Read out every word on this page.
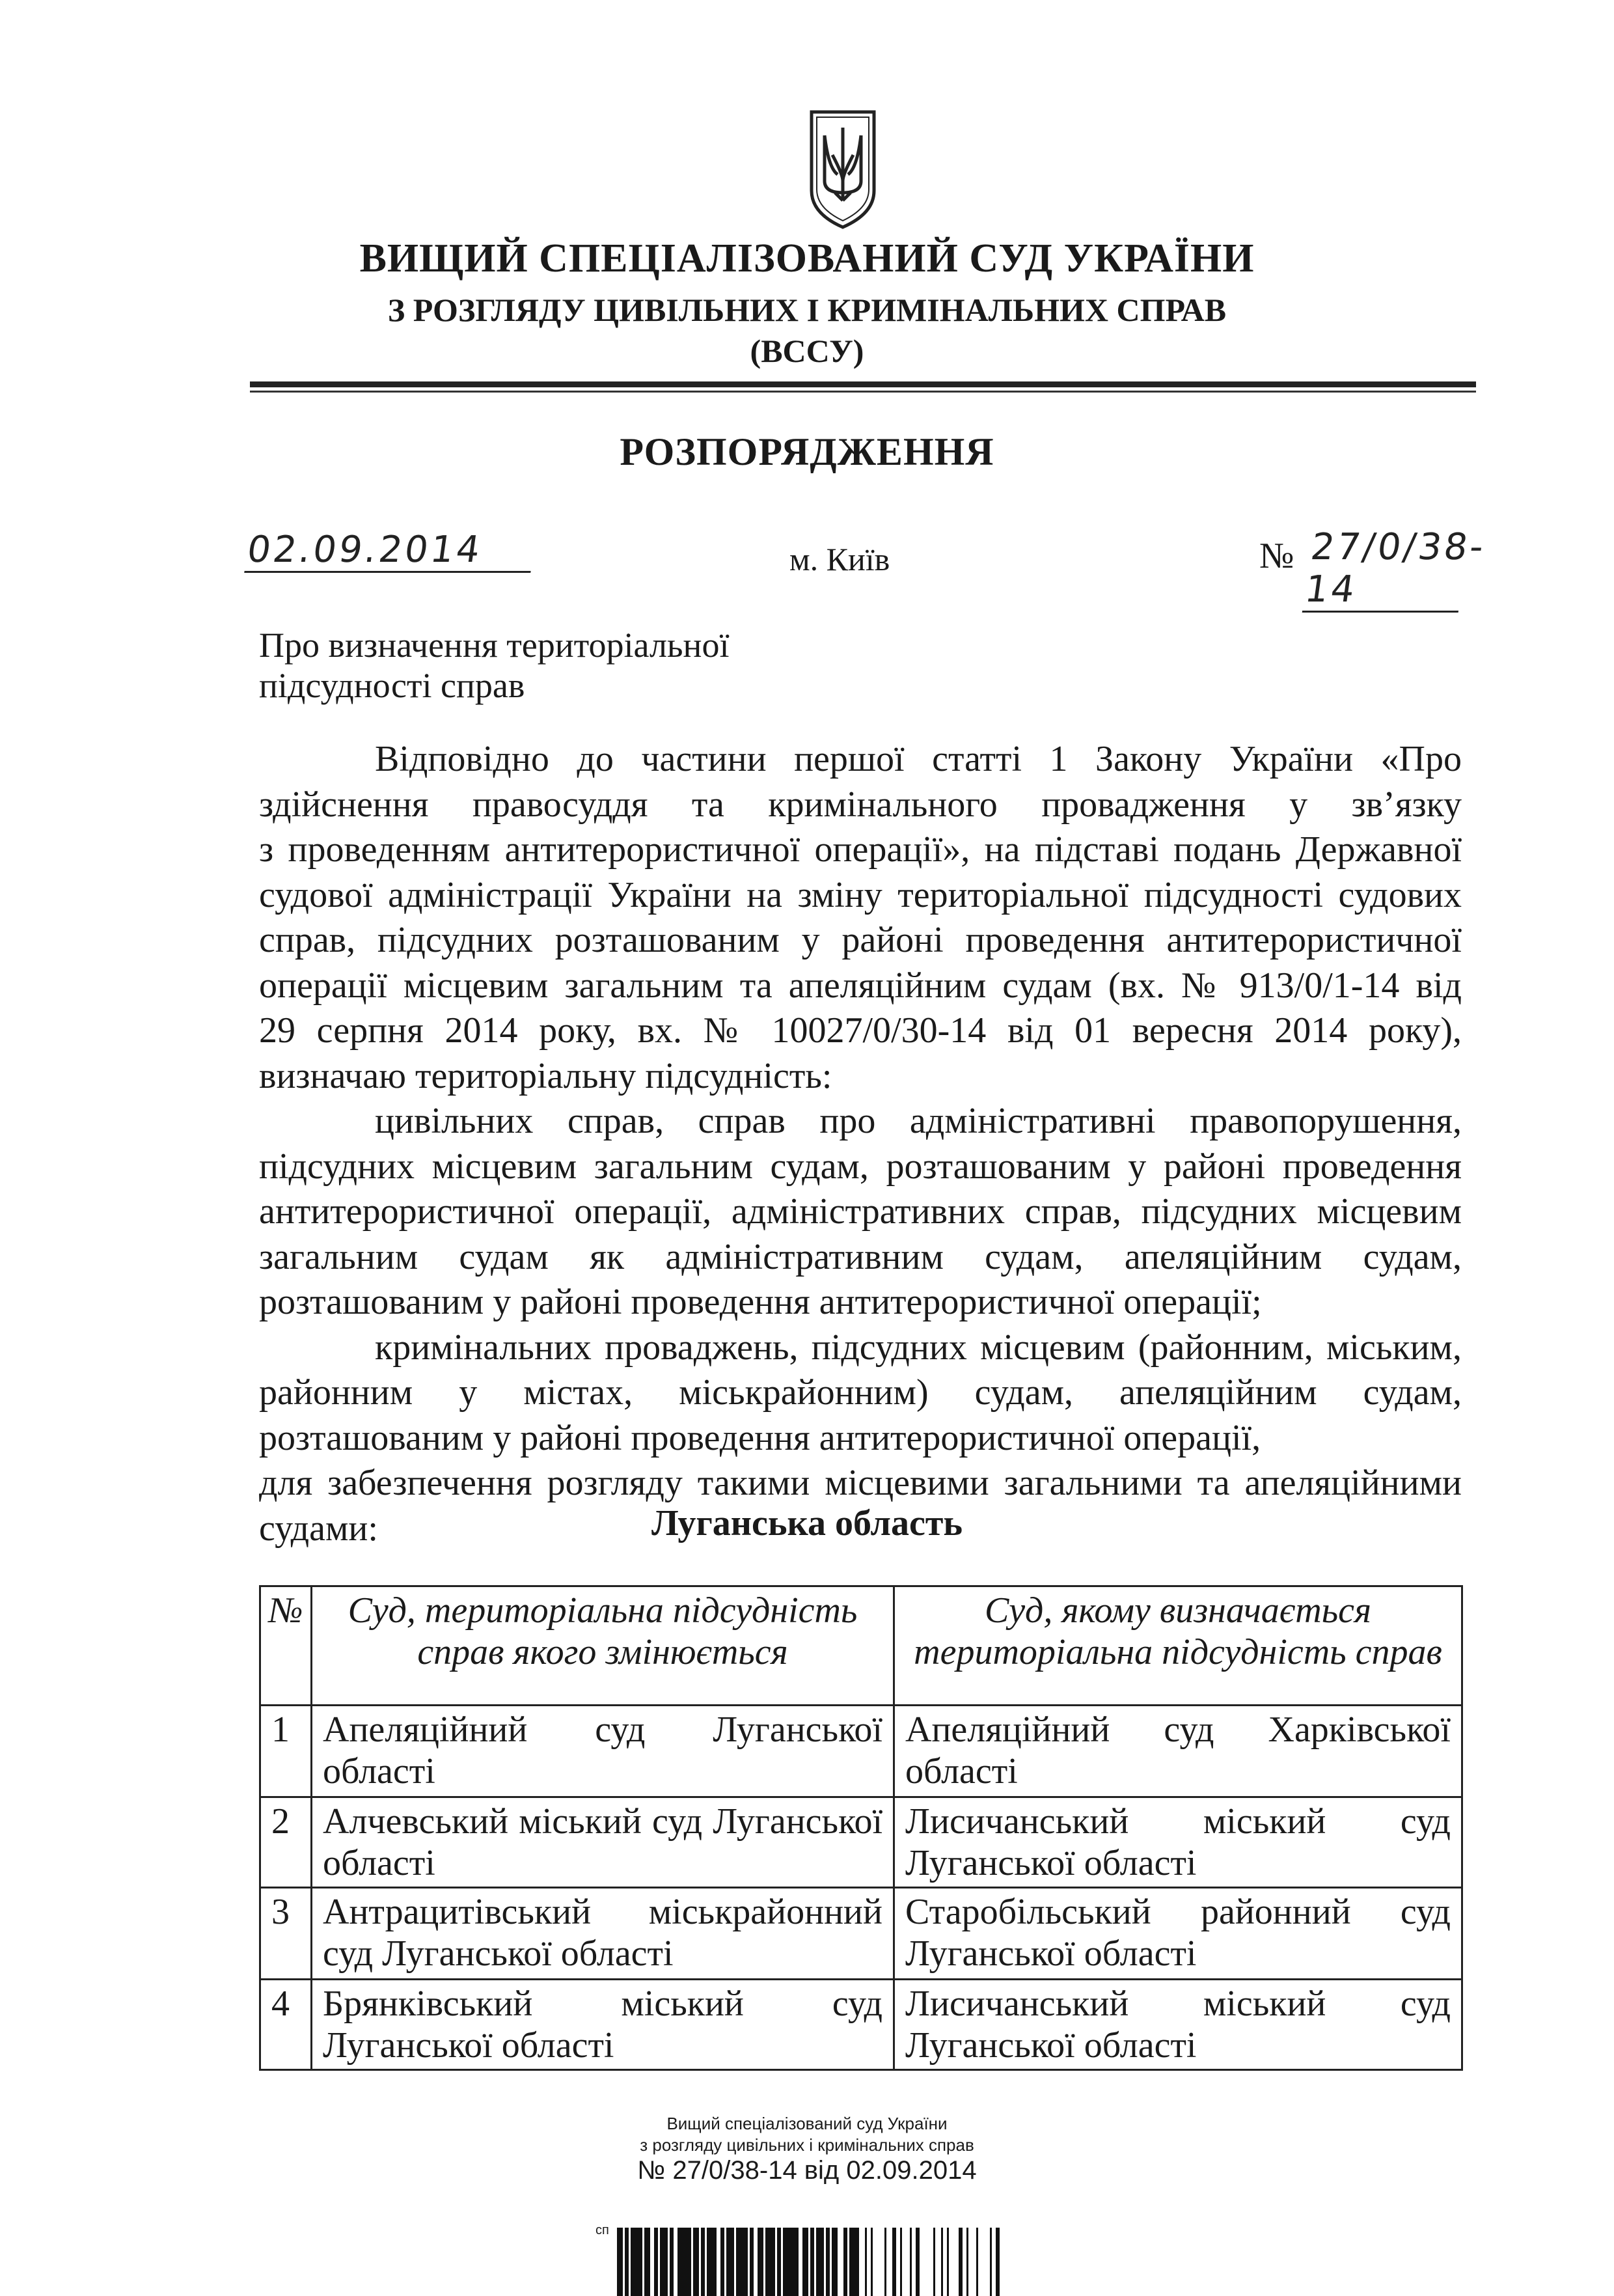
ВИЩИЙ СПЕЦІАЛІЗОВАНИЙ СУД УКРАЇНИ
З РОЗГЛЯДУ ЦИВІЛЬНИХ І КРИМІНАЛЬНИХ СПРАВ
(ВССУ)
РОЗПОРЯДЖЕННЯ
02.09.2014	м. Київ	№ 27/0/38-14
Про визначення територіальної
підсудності справ
Відповідно до частини першої статті 1 Закону України «Про
здійснення правосуддя та кримінального провадження у зв’язку
з проведенням антитерористичної операції», на підставі подань Державної
судової адміністрації України на зміну територіальної підсудності судових
справ, підсудних розташованим у районі проведення антитерористичної
операції місцевим загальним та апеляційним судам (вх. № 913/0/1-14 від
29 серпня 2014 року, вх. № 10027/0/30-14 від 01 вересня 2014 року),
визначаю територіальну підсудність:
цивільних справ, справ про адміністративні правопорушення,
підсудних місцевим загальним судам, розташованим у районі проведення
антитерористичної операції, адміністративних справ, підсудних місцевим
загальним судам як адміністративним судам, апеляційним судам,
розташованим у районі проведення антитерористичної операції;
кримінальних проваджень, підсудних місцевим (районним, міським,
районним у містах, міськрайонним) судам, апеляційним судам,
розташованим у районі проведення антитерористичної операції,
для забезпечення розгляду такими місцевими загальними та апеляційними
судами:	Луганська область
№	Суд, територіальна підсудність справ якого змінюється	Суд, якому визначається територіальна підсудність справ
1	Апеляційний суд Луганської області	Апеляційний суд Харківської області
2	Алчевський міський суд Луганської області	Лисичанський міський суд Луганської області
3	Антрацитівський міськрайонний суд Луганської області	Старобільський районний суд Луганської області
4	Брянківський міський суд Луганської області	Лисичанський міський суд Луганської області
Вищий спеціалізований суд України
з розгляду цивільних і кримінальних справ
№ 27/0/38-14 від 02.09.2014
сп
